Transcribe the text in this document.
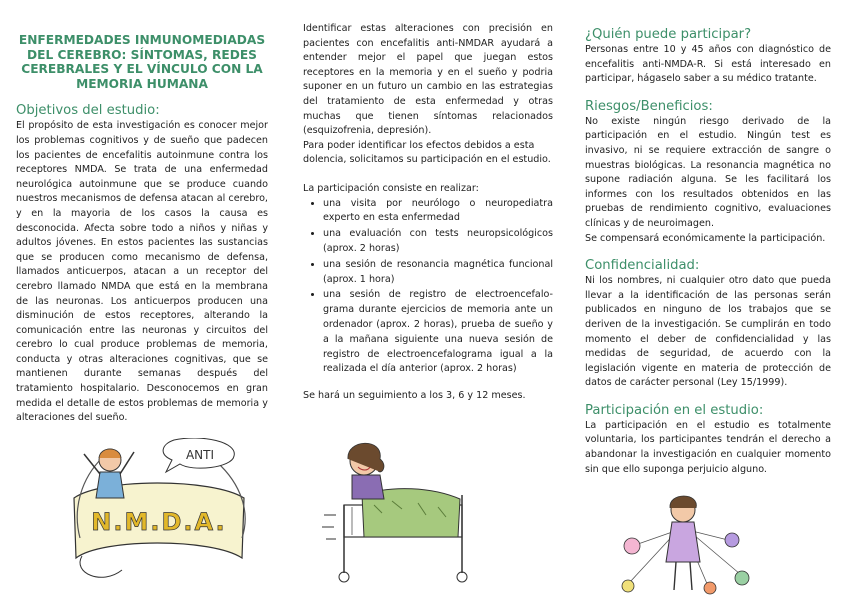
ENFERMEDADES INMUNOMEDIADAS DEL CEREBRO: SÍNTOMAS, REDES CEREBRALES Y EL VÍNCULO CON LA MEMORIA HUMANA
Objetivos del estudio:

El propósito de esta investigación es conocer mejor los problemas cognitivos y de sueño que padecen los pacientes de encefalitis autoinmune contra los receptores NMDA. Se trata de una enfermedad neurológica autoinmune que se produce cuando nuestros mecanismos de defensa atacan al cerebro, y en la mayoria de los casos la causa es desconocida. Afecta sobre todo a niños y niñas y adultos jóvenes. En estos pacientes las sustancias que se producen como mecanismo de defensa, llamados anticuerpos, atacan a un receptor del cerebro llamado NMDA que está en la membrana de las neuronas. Los anticuerpos producen una disminución de estos receptores, alterando la comunicación entre las neuronas y circuitos del cerebro lo cual produce problemas de memoria, conducta y otras alteraciones cognitivas, que se mantienen durante semanas después del tratamiento hospitalario. Desconocemos en gran medida el detalle de estos problemas de memoria y alteraciones del sueño.

Identificar estas alteraciones con precisión en pacientes con encefalitis anti-NMDAR ayudará a entender mejor el papel que juegan estos receptores en la memoria y en el sueño y podria suponer en un futuro un cambio en las estrategias del tratamiento de esta enfermedad y otras muchas que tienen síntomas relacionados (esquizofrenia, depresión).

Para poder identificar los efectos debidos a esta dolencia, solicitamos su participación en el estudio.

La participación consiste en realizar:

• una visita por neurólogo o neuropediatra experto en esta enfermedad
• una evaluación con tests neuropsicológicos (aprox. 2 horas)
• una sesión de resonancia magnética funcional (aprox. 1 hora)
• una sesión de registro de electroencefalo-grama durante ejercicios de memoria ante un ordenador (aprox. 2 horas), prueba de sueño y a la mañana siguiente una nueva sesión de registro de electroencefalograma igual a la realizada el día anterior (aprox. 2 horas)

Se hará un seguimiento a los 3, 6 y 12 meses.

¿Quién puede participar?

Personas entre 10 y 45 años con diagnóstico de encefalitis anti-NMDA-R. Si está interesado en participar, hágaselo saber a su médico tratante.

Riesgos/Beneficios:

No existe ningún riesgo derivado de la participación en el estudio. Ningún test es invasivo, ni se requiere extracción de sangre o muestras biológicas. La resonancia magnética no supone radiación alguna. Se les facilitará los informes con los resultados obtenidos en las pruebas de rendimiento cognitivo, evaluaciones clínicas y de neuroimagen.

Se compensará económicamente la participación.

Confidencialidad:

Ni los nombres, ni cualquier otro dato que pueda llevar a la identificación de las personas serán publicados en ninguno de los trabajos que se deriven de la investigación. Se cumplirán en todo momento el deber de confidencialidad y las medidas de seguridad, de acuerdo con la legislación vigente en materia de protección de datos de carácter personal (Ley 15/1999).

Participación en el estudio:

La participación en el estudio es totalmente voluntaria, los participantes tendrán el derecho a abandonar la investigación en cualquier momento sin que ello suponga perjuicio alguno.

ANTI
N.M.D.A.
